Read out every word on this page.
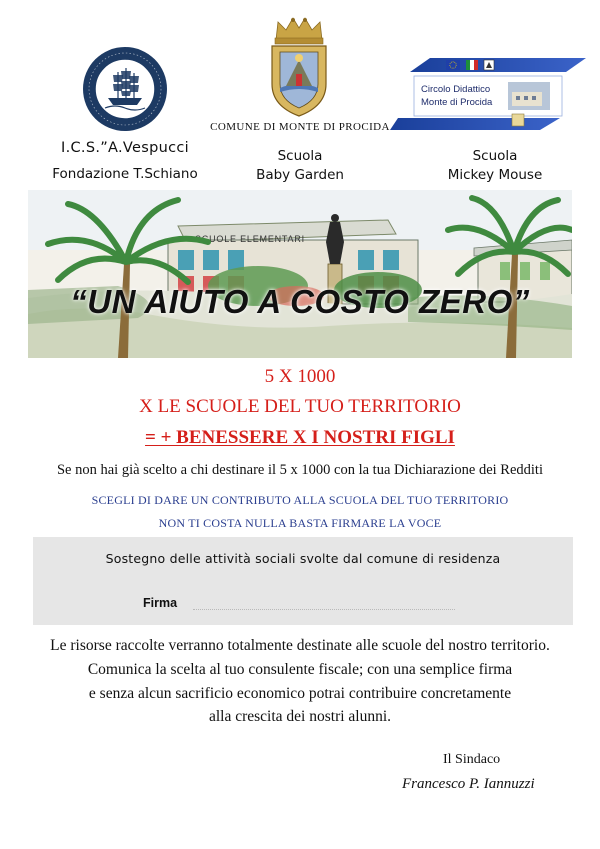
Circolo Didattico
Monte di Procida
COMUNE DI MONTE DI PROCIDA
I.C.S.”A.Vespucci
Fondazione T.Schiano
Scuola
Baby Garden
Scuola
Mickey Mouse
SCUOLE ELEMENTARI
“UN AIUTO A COSTO ZERO”
5 X 1000
X LE SCUOLE DEL TUO TERRITORIO
= + BENESSERE X I NOSTRI FIGLI
Se non hai già scelto a chi destinare il 5 x 1000 con la tua Dichiarazione dei Redditi
SCEGLI DI DARE UN CONTRIBUTO ALLA SCUOLA DEL TUO TERRITORIO
NON TI COSTA NULLA BASTA FIRMARE LA VOCE
Sostegno delle attività sociali svolte dal comune di residenza
Firma
Le risorse raccolte verranno totalmente destinate alle scuole del nostro territorio.
Comunica la scelta al tuo consulente fiscale; con una semplice firma
e senza alcun sacrificio economico potrai contribuire concretamente
alla crescita dei nostri alunni.
Il Sindaco
Francesco P. Iannuzzi
